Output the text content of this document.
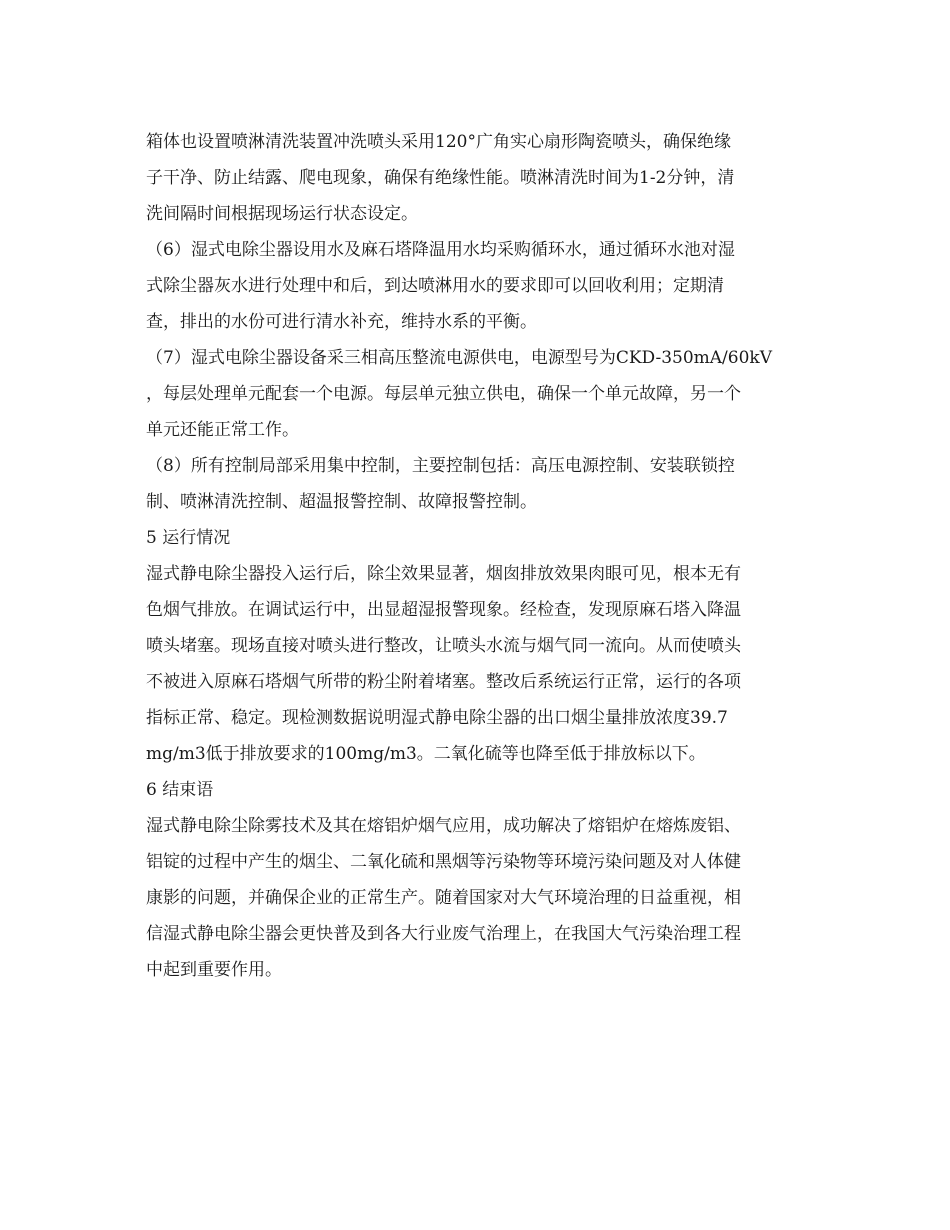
箱体也设置喷淋清洗装置冲洗喷头采用120°广角实心扇形陶瓷喷头，确保绝缘
子干净、防止结露、爬电现象，确保有绝缘性能。喷淋清洗时间为1-2分钟，清
洗间隔时间根据现场运行状态设定。
（6）湿式电除尘器设用水及麻石塔降温用水均采购循环水，通过循环水池对湿
式除尘器灰水进行处理中和后，到达喷淋用水的要求即可以回收利用；定期清
查，排出的水份可进行清水补充，维持水系的平衡。
（7）湿式电除尘器设备采三相高压整流电源供电，电源型号为CKD-350mA/60kV
，每层处理单元配套一个电源。每层单元独立供电，确保一个单元故障，另一个
单元还能正常工作。
（8）所有控制局部采用集中控制，主要控制包括：高压电源控制、安装联锁控
制、喷淋清洗控制、超温报警控制、故障报警控制。
5 运行情况
湿式静电除尘器投入运行后，除尘效果显著，烟囱排放效果肉眼可见，根本无有
色烟气排放。在调试运行中，出显超湿报警现象。经检查，发现原麻石塔入降温
喷头堵塞。现场直接对喷头进行整改，让喷头水流与烟气同一流向。从而使喷头
不被进入原麻石塔烟气所带的粉尘附着堵塞。整改后系统运行正常，运行的各项
指标正常、稳定。现检测数据说明湿式静电除尘器的出口烟尘量排放浓度39.7
mg/m3低于排放要求的100mg/m3。二氧化硫等也降至低于排放标以下。
6 结束语
湿式静电除尘除雾技术及其在熔铝炉烟气应用，成功解决了熔铝炉在熔炼废铝、
铝锭的过程中产生的烟尘、二氧化硫和黑烟等污染物等环境污染问题及对人体健
康影的问题，并确保企业的正常生产。随着国家对大气环境治理的日益重视，相
信湿式静电除尘器会更快普及到各大行业废气治理上，在我国大气污染治理工程
中起到重要作用。
